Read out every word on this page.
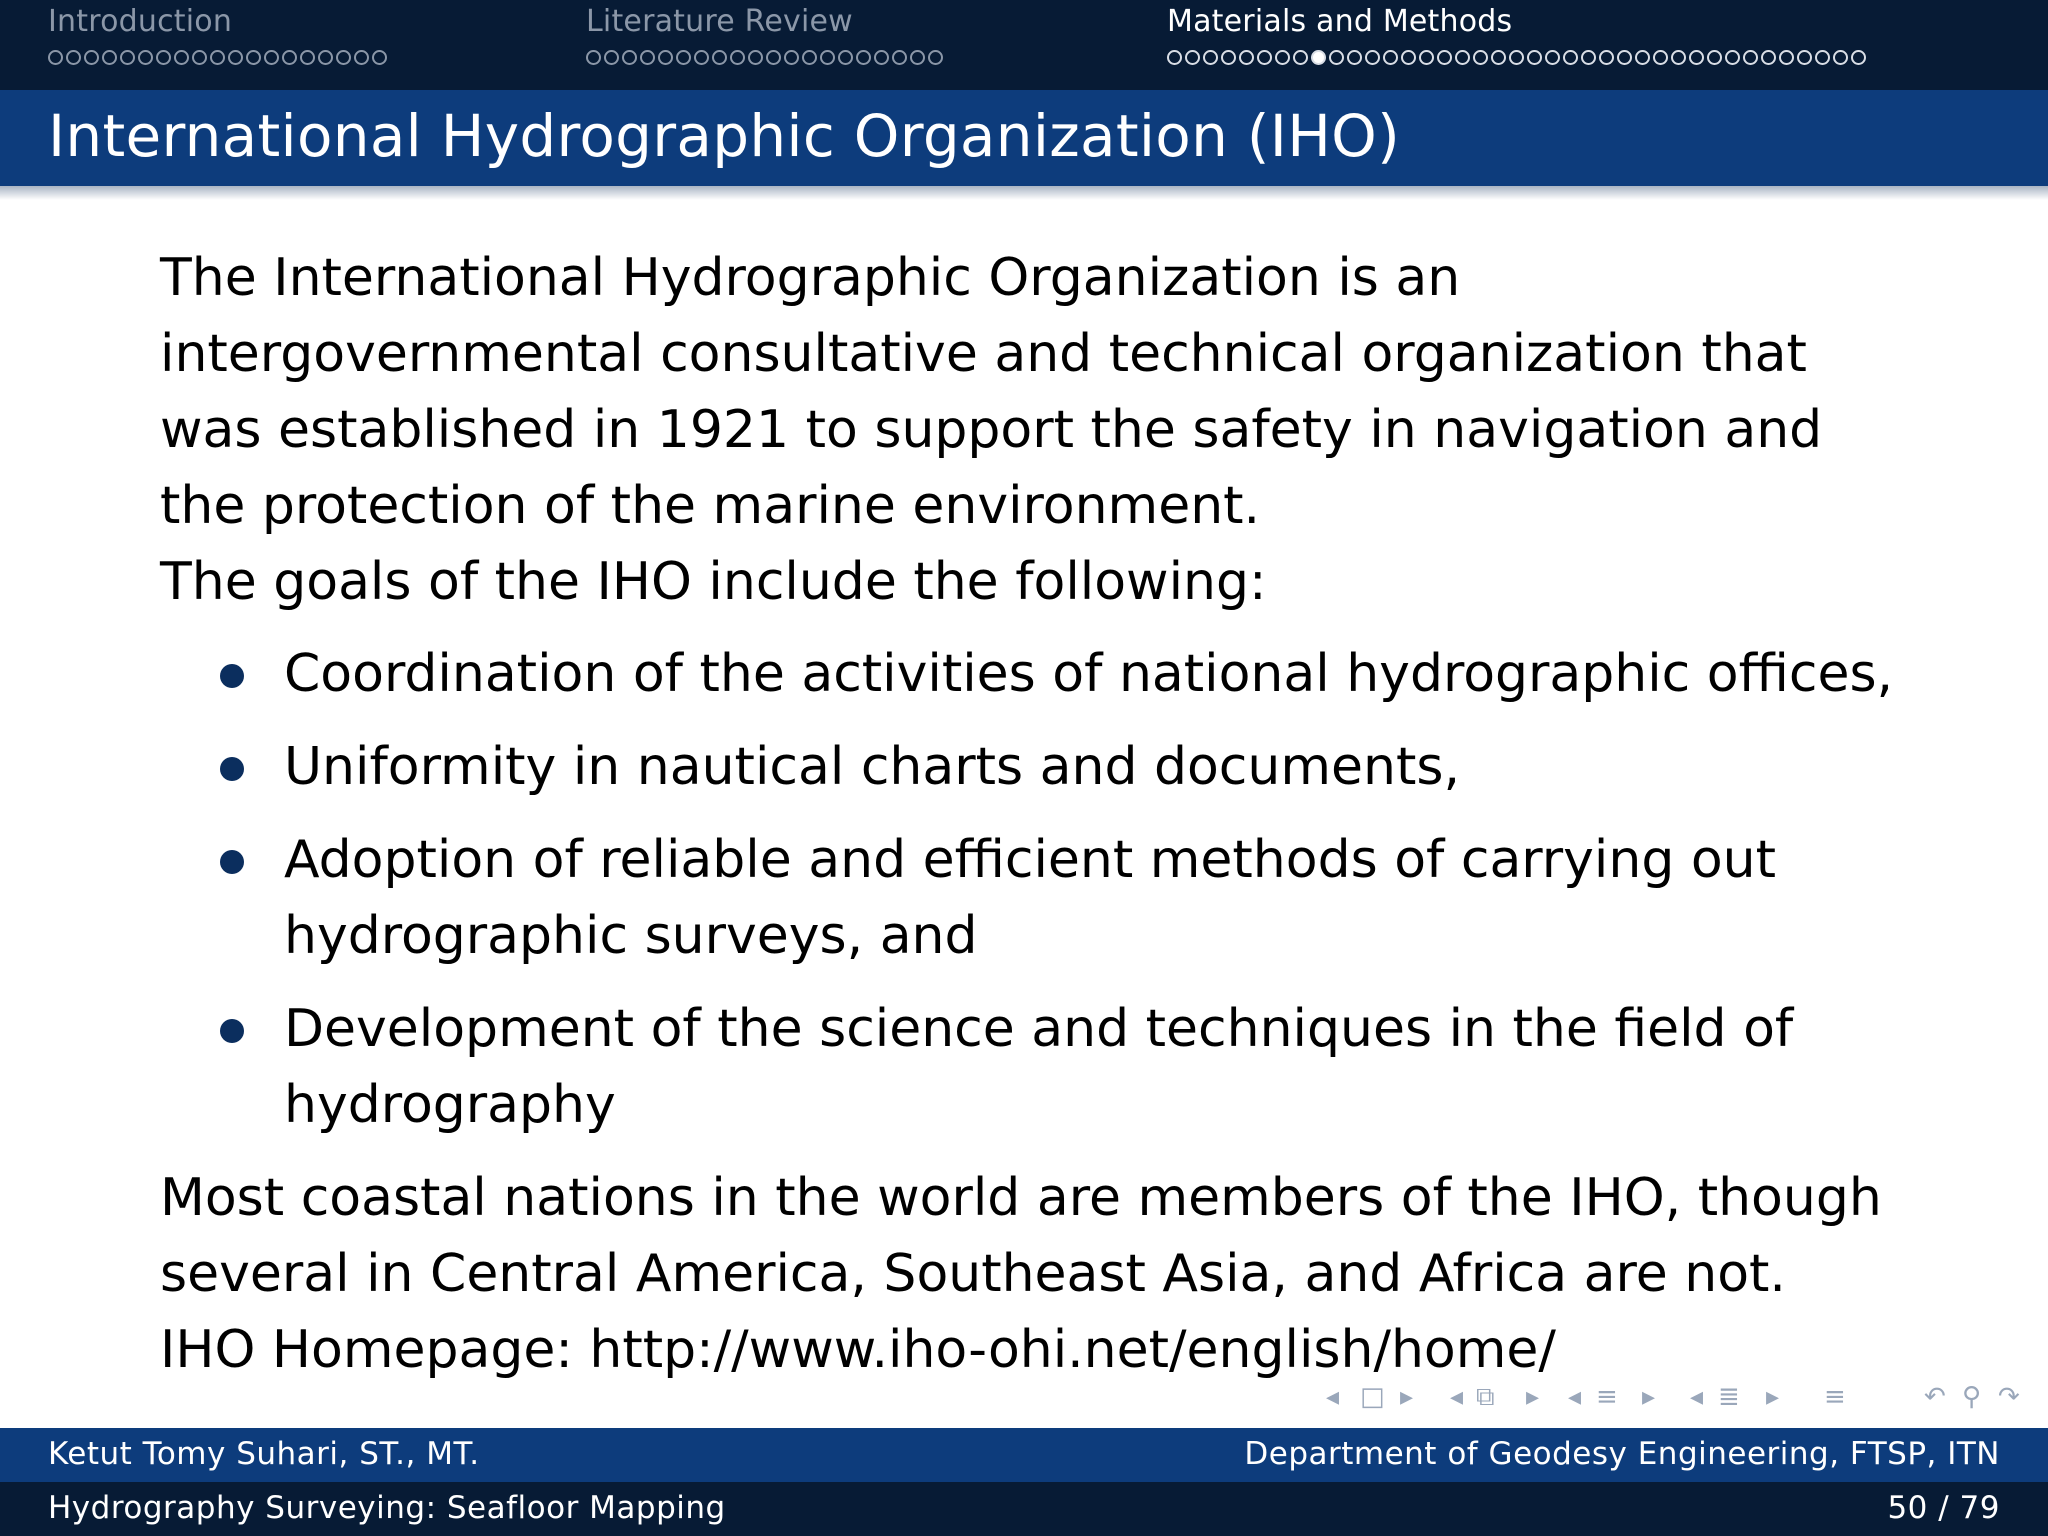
Introduction	Literature Review	Materials and Methods
International Hydrographic Organization (IHO)

The International Hydrographic Organization is an intergovernmental consultative and technical organization that was established in 1921 to support the safety in navigation and the protection of the marine environment.

The goals of the IHO include the following:

Coordination of the activities of national hydrographic offices,
Uniformity in nautical charts and documents,
Adoption of reliable and efficient methods of carrying out hydrographic surveys, and
Development of the science and techniques in the field of hydrography

Most coastal nations in the world are members of the IHO, though several in Central America, Southeast Asia, and Africa are not.

IHO Homepage: http://www.iho-ohi.net/english/home/

◂ □ ▸ ◂ ⧉ ▸ ◂ ≡ ▸ ◂ ≣ ▸ ≡	↶ ⚲ ↷
Ketut Tomy Suhari, ST., MT.	Department of Geodesy Engineering, FTSP, ITN
Hydrography Surveying: Seafloor Mapping	50 / 79
